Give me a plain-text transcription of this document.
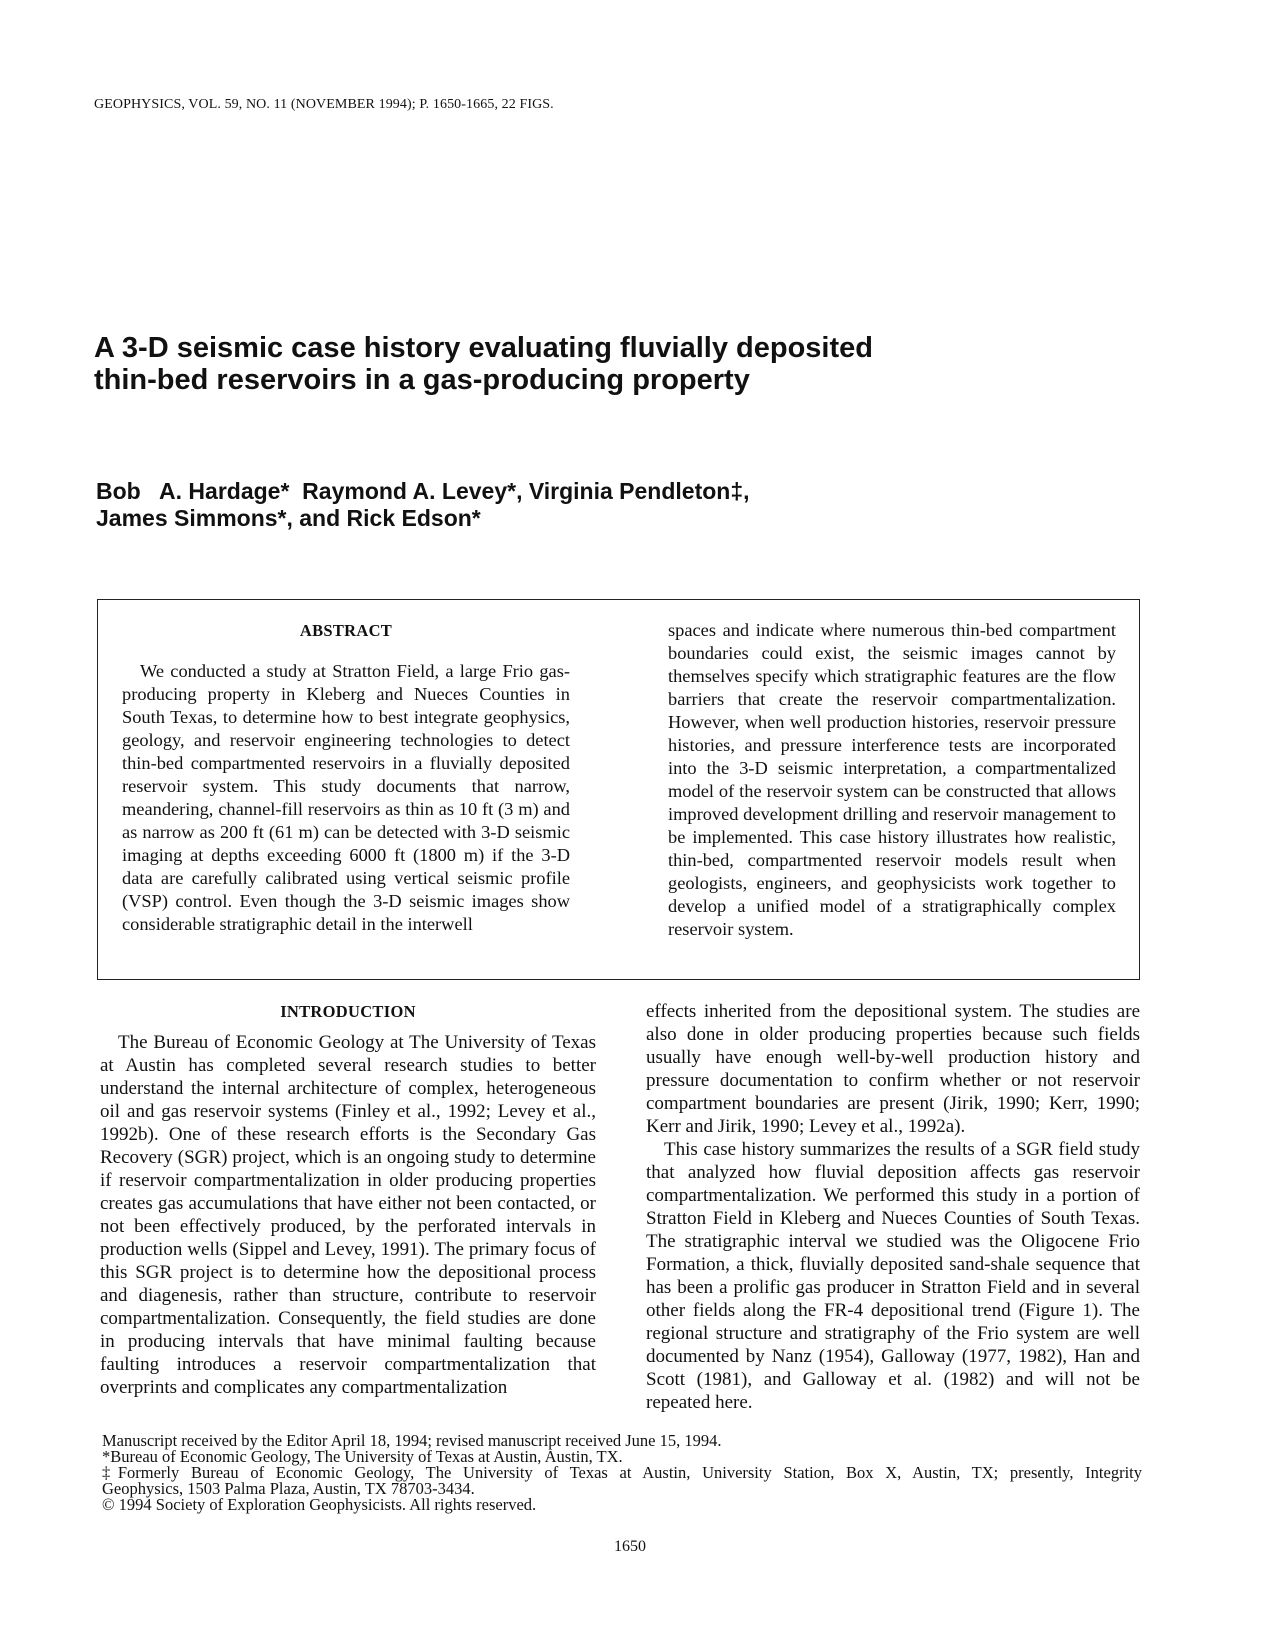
GEOPHYSICS, VOL. 59, NO. 11 (NOVEMBER 1994); P. 1650-1665, 22 FIGS.
A 3-D seismic case history evaluating fluvially deposited
thin-bed reservoirs in a gas-producing property
Bob   A. Hardage*  Raymond A. Levey*, Virginia Pendleton‡,
James Simmons*, and Rick Edson*
ABSTRACT

We conducted a study at Stratton Field, a large Frio gas-producing property in Kleberg and Nueces Counties in South Texas, to determine how to best integrate geophysics, geology, and reservoir engineering technologies to detect thin-bed compartmented reservoirs in a fluvially deposited reservoir system. This study documents that narrow, meandering, channel-fill reservoirs as thin as 10 ft (3 m) and as narrow as 200 ft (61 m) can be detected with 3-D seismic imaging at depths exceeding 6000 ft (1800 m) if the 3-D data are carefully calibrated using vertical seismic profile (VSP) control. Even though the 3-D seismic images show considerable stratigraphic detail in the interwell

spaces and indicate where numerous thin-bed compartment boundaries could exist, the seismic images cannot by themselves specify which stratigraphic features are the flow barriers that create the reservoir compartmentalization. However, when well production histories, reservoir pressure histories, and pressure interference tests are incorporated into the 3-D seismic interpretation, a compartmentalized model of the reservoir system can be constructed that allows improved development drilling and reservoir management to be implemented. This case history illustrates how realistic, thin-bed, compartmented reservoir models result when geologists, engineers, and geophysicists work together to develop a unified model of a stratigraphically complex reservoir system.

INTRODUCTION

The Bureau of Economic Geology at The University of Texas at Austin has completed several research studies to better understand the internal architecture of complex, heterogeneous oil and gas reservoir systems (Finley et al., 1992; Levey et al., 1992b). One of these research efforts is the Secondary Gas Recovery (SGR) project, which is an ongoing study to determine if reservoir compartmentalization in older producing properties creates gas accumulations that have either not been contacted, or not been effectively produced, by the perforated intervals in production wells (Sippel and Levey, 1991). The primary focus of this SGR project is to determine how the depositional process and diagenesis, rather than structure, contribute to reservoir compartmentalization. Consequently, the field studies are done in producing intervals that have minimal faulting because faulting introduces a reservoir compartmentalization that overprints and complicates any compartmentalization

effects inherited from the depositional system. The studies are also done in older producing properties because such fields usually have enough well-by-well production history and pressure documentation to confirm whether or not reservoir compartment boundaries are present (Jirik, 1990; Kerr, 1990; Kerr and Jirik, 1990; Levey et al., 1992a).

This case history summarizes the results of a SGR field study that analyzed how fluvial deposition affects gas reservoir compartmentalization. We performed this study in a portion of Stratton Field in Kleberg and Nueces Counties of South Texas. The stratigraphic interval we studied was the Oligocene Frio Formation, a thick, fluvially deposited sand-shale sequence that has been a prolific gas producer in Stratton Field and in several other fields along the FR-4 depositional trend (Figure 1). The regional structure and stratigraphy of the Frio system are well documented by Nanz (1954), Galloway (1977, 1982), Han and Scott (1981), and Galloway et al. (1982) and will not be repeated here.

Manuscript received by the Editor April 18, 1994; revised manuscript received June 15, 1994.
*Bureau of Economic Geology, The University of Texas at Austin, Austin, TX.
‡Formerly Bureau of Economic Geology, The University of Texas at Austin, University Station, Box X, Austin, TX; presently, Integrity
Geophysics, 1503 Palma Plaza, Austin, TX 78703-3434.
© 1994 Society of Exploration Geophysicists. All rights reserved.
1650
